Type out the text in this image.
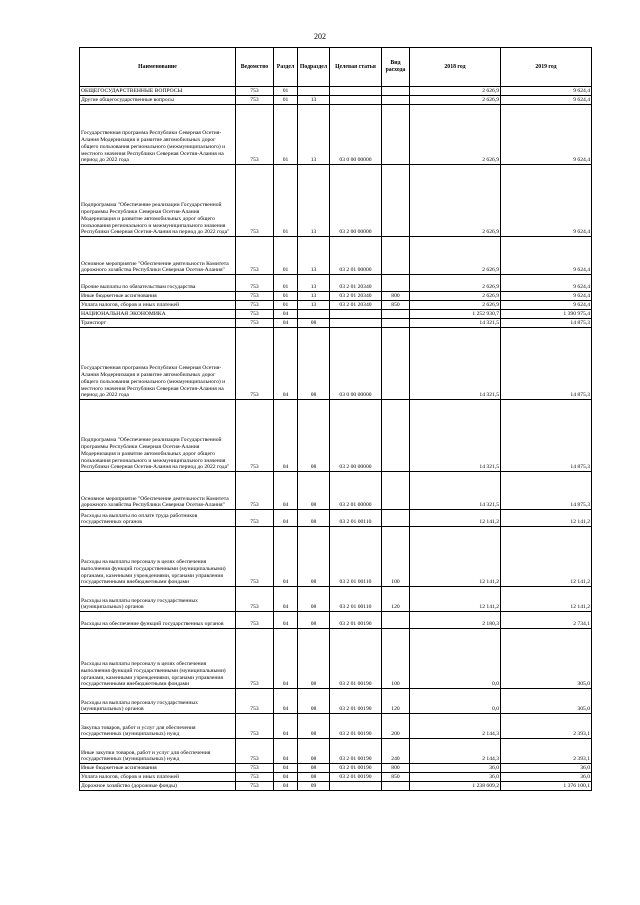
202
Наименование	Ведомство	Раздел	Подраздел	Целевая статья	Вид расхода	2018 год	2019 год
ОБЩЕГОСУДАРСТВЕННЫЕ ВОПРОСЫ	753	01				2 626,9	9 624,4
Другие общегосударственные вопросы	753	01	13			2 626,9	9 624,4
Государственная программа Республики Северная Осетия-Алания Модернизация и развитие автомобильных дорог общего пользования регионального (межмуниципального) и местного значения Республики Северная Осетия-Алания на период до 2022 года	753	01	13	03 0 00 00000		2 626,9	9 624,4
Подпрограмма "Обеспечение реализации Государственной программы Республики Северная Осетия-Алания Модернизация и развитие автомобильных дорог общего пользования регионального и межмуниципального значения Республики Северная Осетия-Алания на период до 2022 года"	753	01	13	03 2 00 00000		2 626,9	9 624,4
Основное мероприятие "Обеспечение деятельности Комитета дорожного хозяйства Республики Северная Осетия-Алания"	753	01	13	03 2 01 00000		2 626,9	9 624,4
Прочие выплаты по обязательствам государства	753	01	13	03 2 01 20340		2 626,9	9 624,4
Иные бюджетные ассигнования	753	01	13	03 2 01 20340	800	2 626,9	9 624,4
Уплата налогов, сборов и иных платежей	753	01	13	03 2 01 20340	850	2 626,9	9 624,4
НАЦИОНАЛЬНАЯ ЭКОНОМИКА	753	04				1 252 930,7	1 390 975,4
Транспорт	753	04	08			14 321,5	14 875,3
Государственная программа Республики Северная Осетия-Алания Модернизация и развитие автомобильных дорог общего пользования регионального (межмуниципального) и местного значения Республики Северная Осетия-Алания на период до 2022 года	753	04	08	03 0 00 00000		14 321,5	14 875,3
Подпрограмма "Обеспечение реализации Государственной программы Республики Северная Осетия-Алания Модернизация и развитие автомобильных дорог общего пользования регионального и межмуниципального значения Республики Северная Осетия-Алания на период до 2022 года"	753	04	08	03 2 00 00000		14 321,5	14 875,3
Основное мероприятие "Обеспечение деятельности Комитета дорожного хозяйства Республики Северная Осетия-Алания"	753	04	08	03 2 01 00000		14 321,5	14 875,3
Расходы на выплаты по оплате труда работников государственных органов	753	04	08	03 2 01 00110		12 141,2	12 141,2
Расходы на выплаты персоналу в целях обеспечения выполнения функций государственными (муниципальными) органами, казенными учреждениями, органами управления государственными внебюджетными фондами	753	04	08	03 2 01 00110	100	12 141,2	12 141,2
Расходы на выплаты персоналу государственных (муниципальных) органов	753	04	08	03 2 01 00110	120	12 141,2	12 141,2
Расходы на обеспечение функций государственных органов	753	04	08	03 2 01 00190		2 180,3	2 734,1
Расходы на выплаты персоналу в целях обеспечения выполнения функций государственными (муниципальными) органами, казенными учреждениями, органами управления государственными внебюджетными фондами	753	04	08	03 2 01 00190	100	0,0	305,0
Расходы на выплаты персоналу государственных (муниципальных) органов	753	04	08	03 2 01 00190	120	0,0	305,0
Закупка товаров, работ и услуг для обеспечения государственных (муниципальных) нужд	753	04	08	03 2 01 00190	200	2 144,3	2 393,1
Иные закупки товаров, работ и услуг для обеспечения государственных (муниципальных) нужд	753	04	08	03 2 01 00190	240	2 144,3	2 393,1
Иные бюджетные ассигнования	753	04	08	03 2 01 00190	800	36,0	36,0
Уплата налогов, сборов и иных платежей	753	04	08	03 2 01 00190	850	36,0	36,0
Дорожное хозяйство (дорожные фонды)	753	04	09			1 238 609,2	1 376 100,1
